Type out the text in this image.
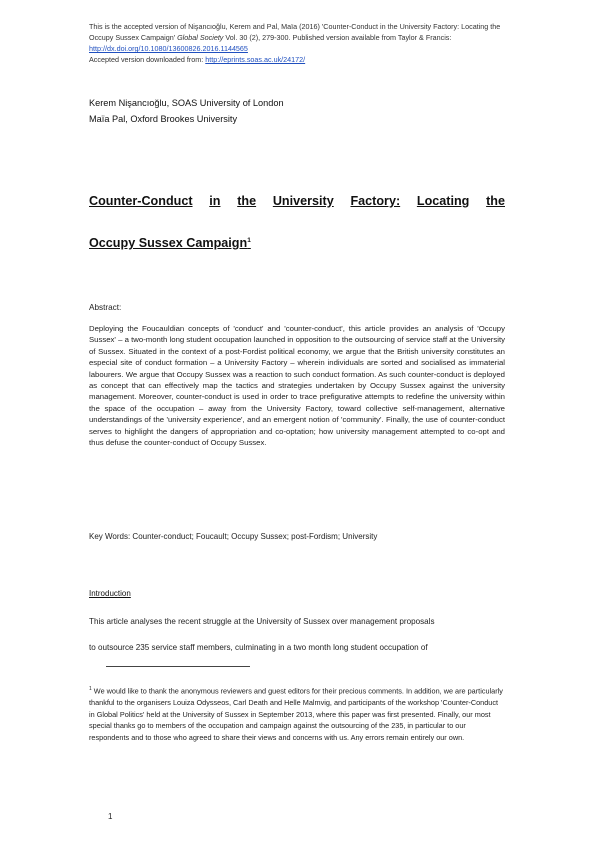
This is the accepted version of Nişancıoğlu, Kerem and Pal, Maïa (2016) 'Counter-Conduct in the University Factory: Locating the Occupy Sussex Campaign' Global Society Vol. 30 (2), 279-300. Published version available from Taylor & Francis: http://dx.doi.org/10.1080/13600826.2016.1144565
Accepted version downloaded from: http://eprints.soas.ac.uk/24172/
Kerem Nişancıoğlu, SOAS University of London
Maïa Pal, Oxford Brookes University
Counter-Conduct in the University Factory: Locating the
Occupy Sussex Campaign$^1$
Abstract:
Deploying the Foucauldian concepts of 'conduct' and 'counter-conduct', this article provides an analysis of 'Occupy Sussex' – a two-month long student occupation launched in opposition to the outsourcing of service staff at the University of Sussex. Situated in the context of a post-Fordist political economy, we argue that the British university constitutes an especial site of conduct formation – a University Factory – wherein individuals are sorted and socialised as immaterial labourers. We argue that Occupy Sussex was a reaction to such conduct formation. As such counter-conduct is deployed as concept that can effectively map the tactics and strategies undertaken by Occupy Sussex against the university management. Moreover, counter-conduct is used in order to trace prefigurative attempts to redefine the university within the space of the occupation – away from the University Factory, toward collective self-management, alternative understandings of the 'university experience', and an emergent notion of 'community'. Finally, the use of counter-conduct serves to highlight the dangers of appropriation and co-optation; how university management attempted to co-opt and thus defuse the counter-conduct of Occupy Sussex.
Key Words: Counter-conduct; Foucault; Occupy Sussex; post-Fordism; University
Introduction
This article analyses the recent struggle at the University of Sussex over management proposals
to outsource 235 service staff members, culminating in a two month long student occupation of
$^1$ We would like to thank the anonymous reviewers and guest editors for their precious comments. In addition, we are particularly thankful to the organisers Louiza Odysseos, Carl Death and Helle Malmvig, and participants of the workshop 'Counter-Conduct in Global Politics' held at the University of Sussex in September 2013, where this paper was first presented. Finally, our most special thanks go to members of the occupation and campaign against the outsourcing of the 235, in particular to our respondents and to those who agreed to share their views and concerns with us. Any errors remain entirely our own.
1
